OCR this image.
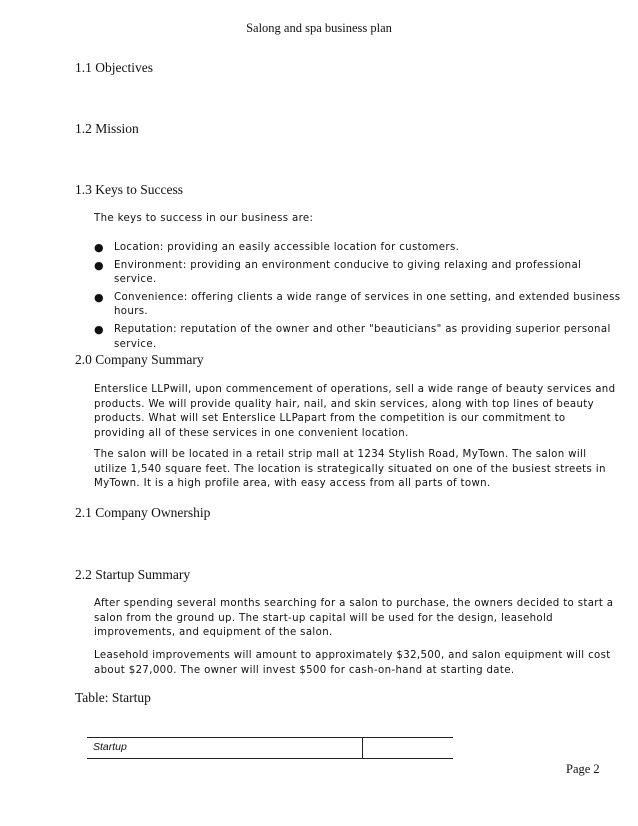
Salong and spa business plan
1.1 Objectives
1.2 Mission
1.3 Keys to Success
The keys to success in our business are:
● Location: providing an easily accessible location for customers.
● Environment: providing an environment conducive to giving relaxing and professional
service.
● Convenience: offering clients a wide range of services in one setting, and extended business
hours.
● Reputation: reputation of the owner and other "beauticians" as providing superior personal
service.
2.0 Company Summary
Enterslice LLPwill, upon commencement of operations, sell a wide range of beauty services and
products. We will provide quality hair, nail, and skin services, along with top lines of beauty
products. What will set Enterslice LLPapart from the competition is our commitment to
providing all of these services in one convenient location.
The salon will be located in a retail strip mall at 1234 Stylish Road, MyTown. The salon will
utilize 1,540 square feet. The location is strategically situated on one of the busiest streets in
MyTown. It is a high profile area, with easy access from all parts of town.
2.1 Company Ownership
2.2 Startup Summary
After spending several months searching for a salon to purchase, the owners decided to start a
salon from the ground up. The start-up capital will be used for the design, leasehold
improvements, and equipment of the salon.
Leasehold improvements will amount to approximately $32,500, and salon equipment will cost
about $27,000. The owner will invest $500 for cash-on-hand at starting date.
Table: Startup
Startup
Page 2
